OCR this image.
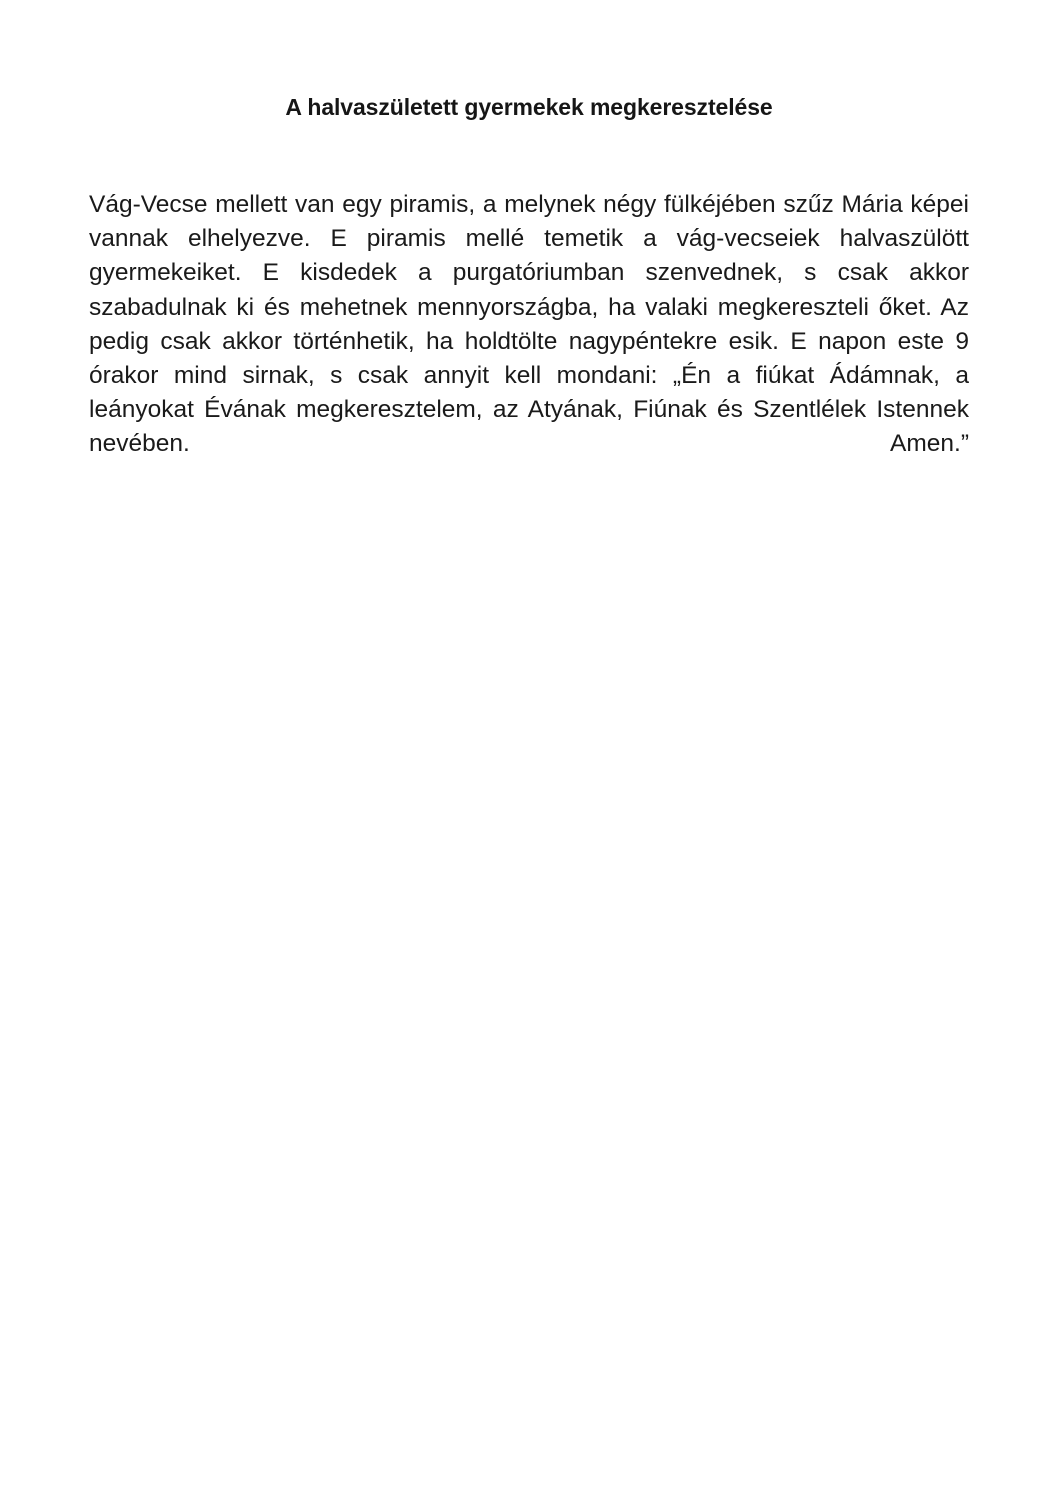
A halvaszületett gyermekek megkeresztelése

Vág-Vecse mellett van egy piramis, a melynek négy fülkéjében szűz Mária képei vannak elhelyezve. E piramis mellé temetik a vág-vecseiek halvaszülött gyermekeiket. E kisdedek a purgatóriumban szenvednek, s csak akkor szabadulnak ki és mehetnek mennyországba, ha valaki megkereszteli őket. Az pedig csak akkor történhetik, ha holdtölte nagypéntekre esik. E napon este 9 órakor mind sirnak, s csak annyit kell mondani: „Én a fiúkat Ádámnak, a leányokat Évának megkeresztelem, az Atyának, Fiúnak és Szentlélek Istennek nevében. Amen.”
